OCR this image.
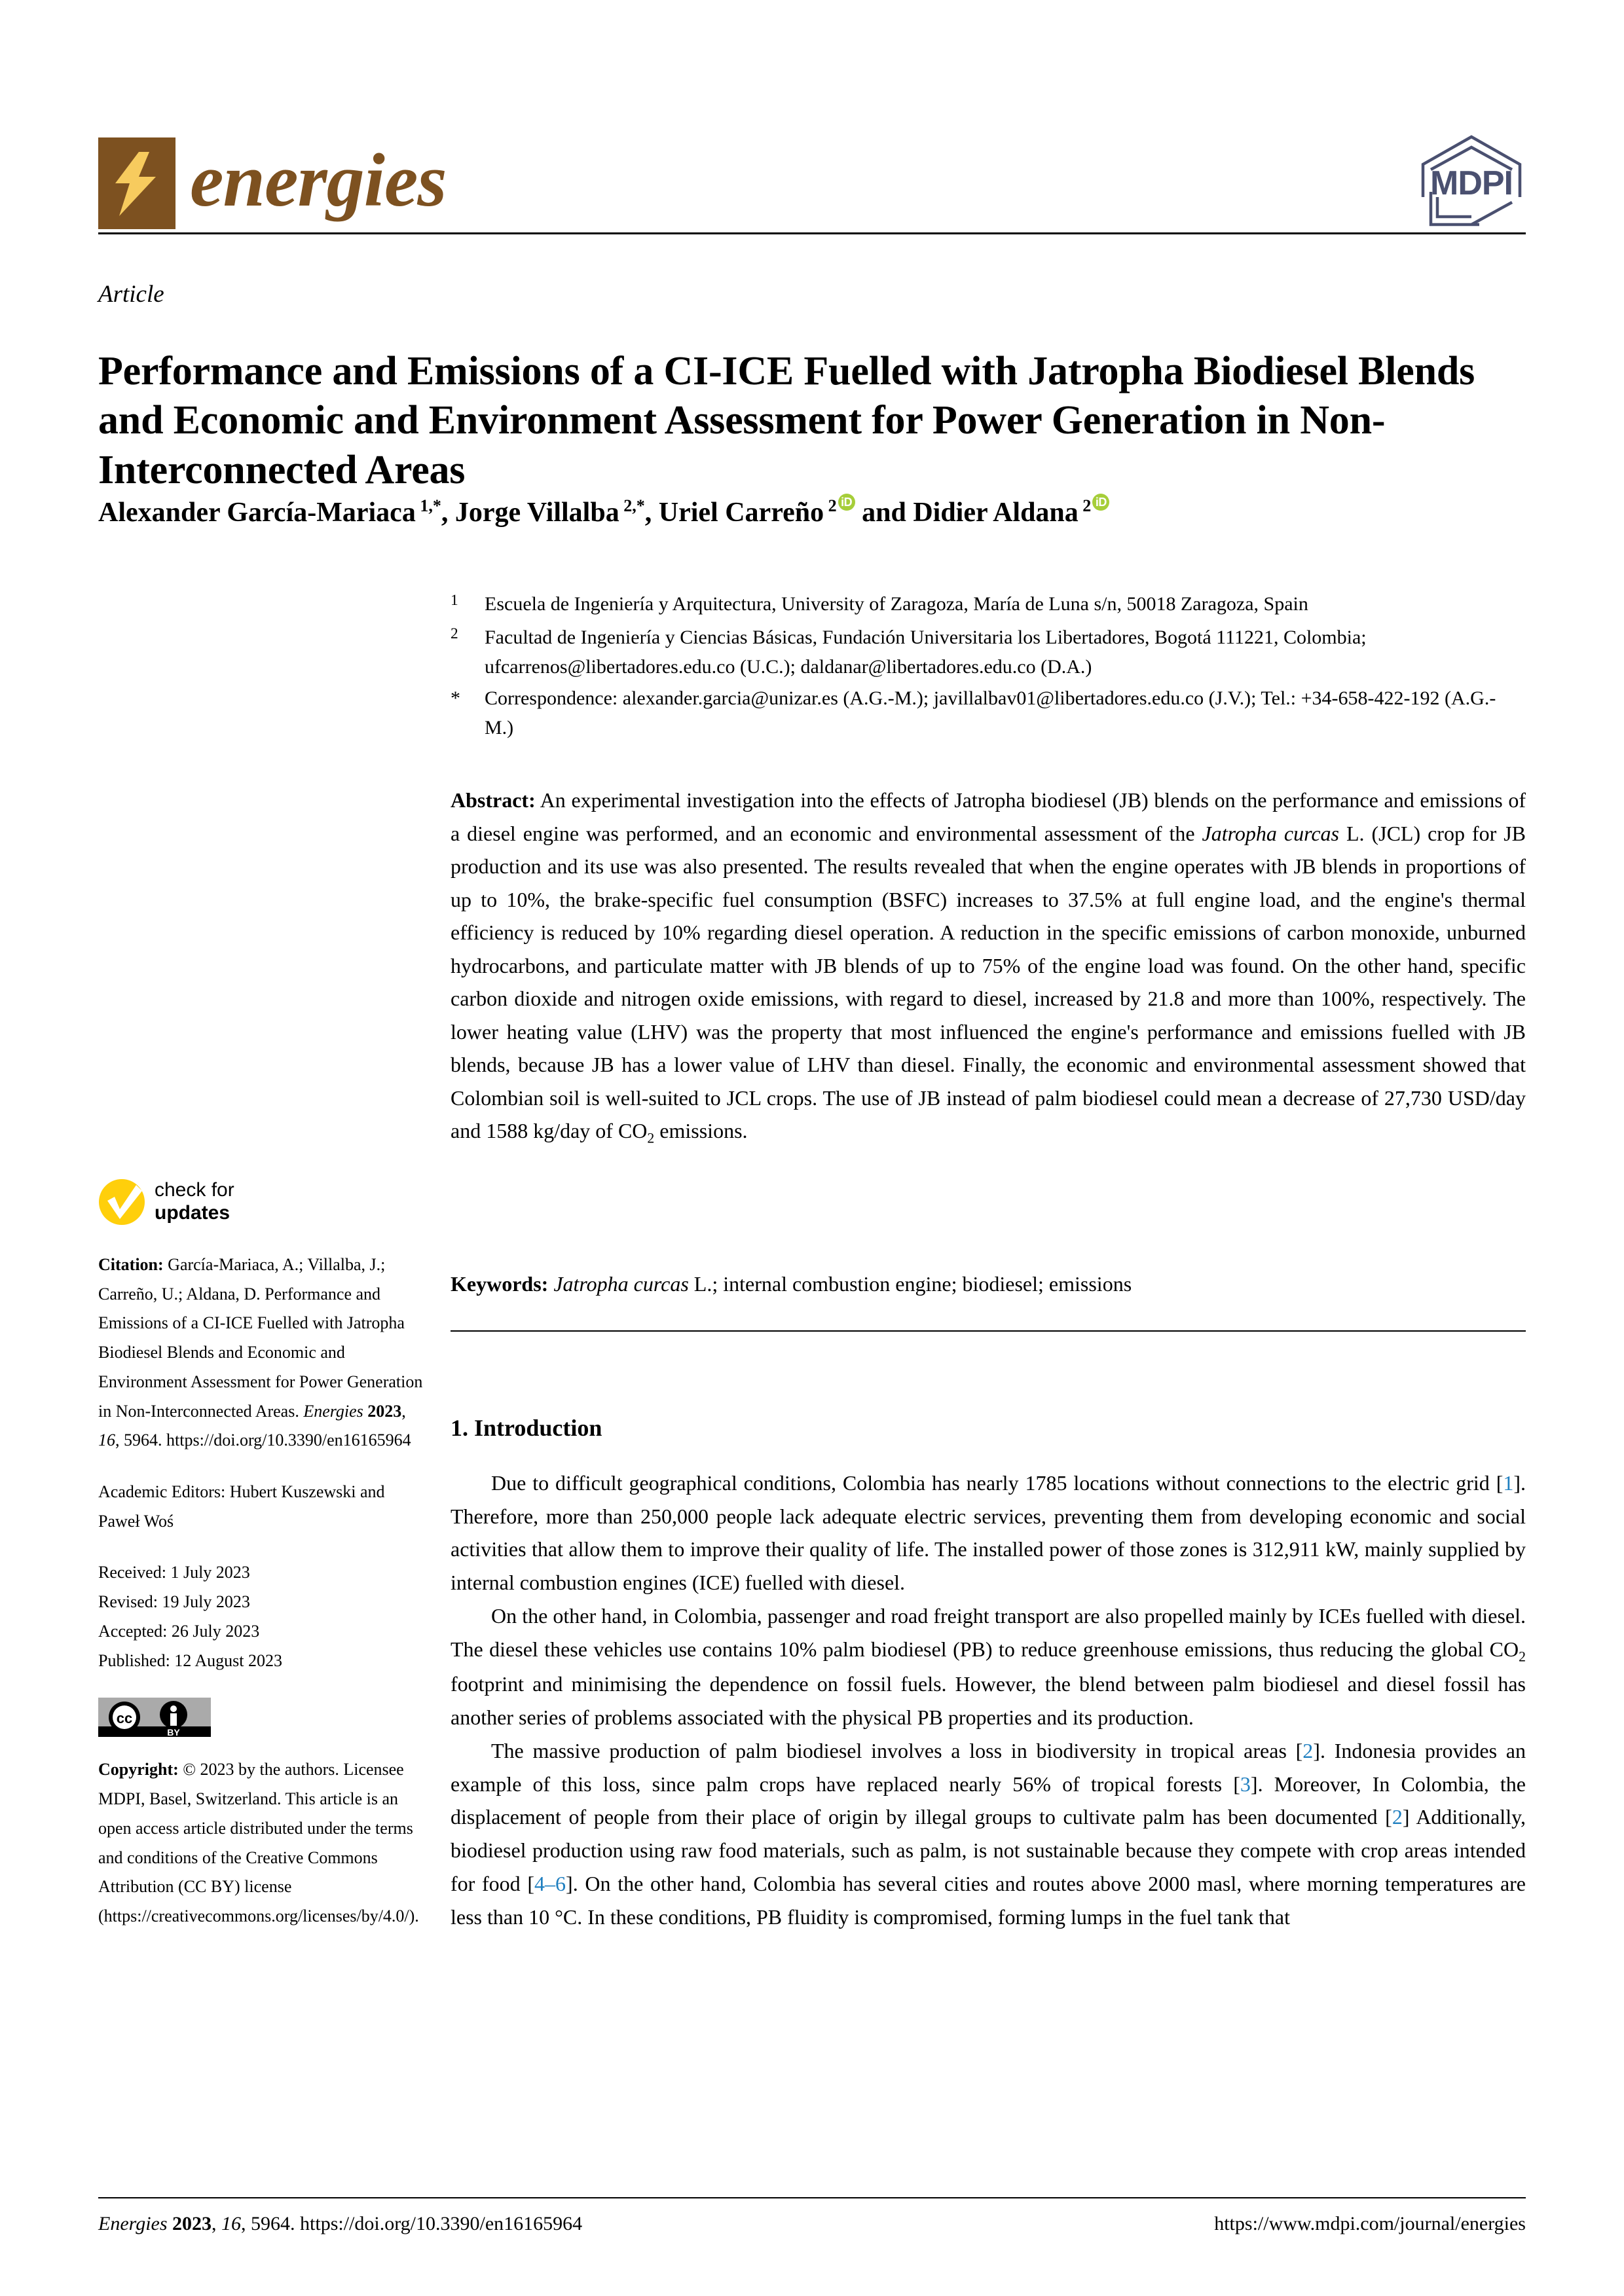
energies	MDPI
Article
Performance and Emissions of a CI-ICE Fuelled with Jatropha Biodiesel Blends and Economic and Environment Assessment for Power Generation in Non-Interconnected Areas
Alexander García-Mariaca $^{1,*}$, Jorge Villalba $^{2,*}$, Uriel Carreño $^2$ iD and Didier Aldana $^2$ iD
$^1$	Escuela de Ingeniería y Arquitectura, University of Zaragoza, María de Luna s/n, 50018 Zaragoza, Spain
$^2$	Facultad de Ingeniería y Ciencias Básicas, Fundación Universitaria los Libertadores, Bogotá 111221, Colombia; ufcarrenos@libertadores.edu.co (U.C.); daldanar@libertadores.edu.co (D.A.)
*	Correspondence: alexander.garcia@unizar.es (A.G.-M.); javillalbav01@libertadores.edu.co (J.V.); Tel.: +34-658-422-192 (A.G.-M.)
Abstract: An experimental investigation into the effects of Jatropha biodiesel (JB) blends on the performance and emissions of a diesel engine was performed, and an economic and environmental assessment of the Jatropha curcas L. (JCL) crop for JB production and its use was also presented. The results revealed that when the engine operates with JB blends in proportions of up to 10%, the brake-specific fuel consumption (BSFC) increases to 37.5% at full engine load, and the engine's thermal efficiency is reduced by 10% regarding diesel operation. A reduction in the specific emissions of carbon monoxide, unburned hydrocarbons, and particulate matter with JB blends of up to 75% of the engine load was found. On the other hand, specific carbon dioxide and nitrogen oxide emissions, with regard to diesel, increased by 21.8 and more than 100%, respectively. The lower heating value (LHV) was the property that most influenced the engine's performance and emissions fuelled with JB blends, because JB has a lower value of LHV than diesel. Finally, the economic and environmental assessment showed that Colombian soil is well-suited to JCL crops. The use of JB instead of palm biodiesel could mean a decrease of 27,730 USD/day and 1588 kg/day of $CO_2$ emissions.
Keywords: Jatropha curcas L.; internal combustion engine; biodiesel; emissions
1. Introduction

Due to difficult geographical conditions, Colombia has nearly 1785 locations without connections to the electric grid [1]. Therefore, more than 250,000 people lack adequate electric services, preventing them from developing economic and social activities that allow them to improve their quality of life. The installed power of those zones is 312,911 kW, mainly supplied by internal combustion engines (ICE) fuelled with diesel.

On the other hand, in Colombia, passenger and road freight transport are also propelled mainly by ICEs fuelled with diesel. The diesel these vehicles use contains 10% palm biodiesel (PB) to reduce greenhouse emissions, thus reducing the global $CO_2$ footprint and minimising the dependence on fossil fuels. However, the blend between palm biodiesel and diesel fossil has another series of problems associated with the physical PB properties and its production.

The massive production of palm biodiesel involves a loss in biodiversity in tropical areas [2]. Indonesia provides an example of this loss, since palm crops have replaced nearly 56% of tropical forests [3]. Moreover, In Colombia, the displacement of people from their place of origin by illegal groups to cultivate palm has been documented [2] Additionally, biodiesel production using raw food materials, such as palm, is not sustainable because they compete with crop areas intended for food [4–6]. On the other hand, Colombia has several cities and routes above 2000 masl, where morning temperatures are less than 10 °C. In these conditions, PB fluidity is compromised, forming lumps in the fuel tank that

check for
updates

Citation: García-Mariaca, A.; Villalba, J.; Carreño, U.; Aldana, D. Performance and Emissions of a CI-ICE Fuelled with Jatropha Biodiesel Blends and Economic and Environment Assessment for Power Generation in Non-Interconnected Areas. Energies 2023, 16, 5964. https://doi.org/10.3390/en16165964

Academic Editors: Hubert Kuszewski and Paweł Woś

Received: 1 July 2023

Revised: 19 July 2023

Accepted: 26 July 2023

Published: 12 August 2023

cc
BY

Copyright: © 2023 by the authors. Licensee MDPI, Basel, Switzerland. This article is an open access article distributed under the terms and conditions of the Creative Commons Attribution (CC BY) license (https://creativecommons.org/licenses/by/4.0/).

Energies 2023, 16, 5964. https://doi.org/10.3390/en16165964	https://www.mdpi.com/journal/energies
